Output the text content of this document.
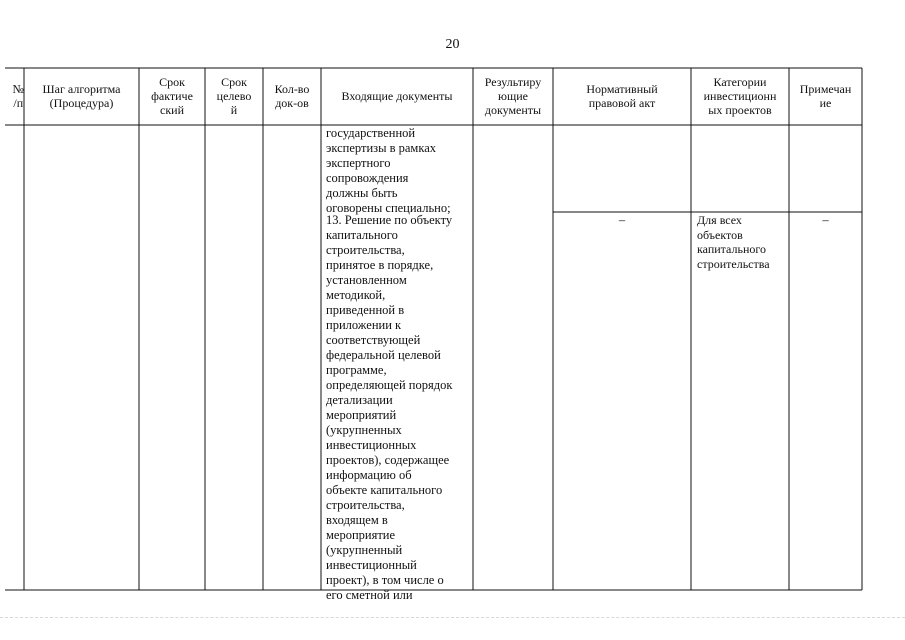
20
№
/п
Шаг алгоритма
(Процедура)
Срок
фактиче
ский
Срок
целево
й
Кол-во
док-ов	Входящие документы
Результиру
ющие
документы
Нормативный
правовой акт
Категории
инвестиционн
ых проектов
Примечан
ие
государственной
экспертизы в рамках
экспертного
сопровождения
должны быть
оговорены специально;
13. Решение по объекту
капитального
строительства,
принятое в порядке,
установленном
методикой,
приведенной в
приложении к
соответствующей
федеральной целевой
программе,
определяющей порядок
детализации
мероприятий
(укрупненных
инвестиционных
проектов), содержащее
информацию об
объекте капитального
строительства,
входящем в
мероприятие
(укрупненный
инвестиционный
проект), в том числе о
его сметной или
–	Для всех
объектов
капитального
строительства
–
